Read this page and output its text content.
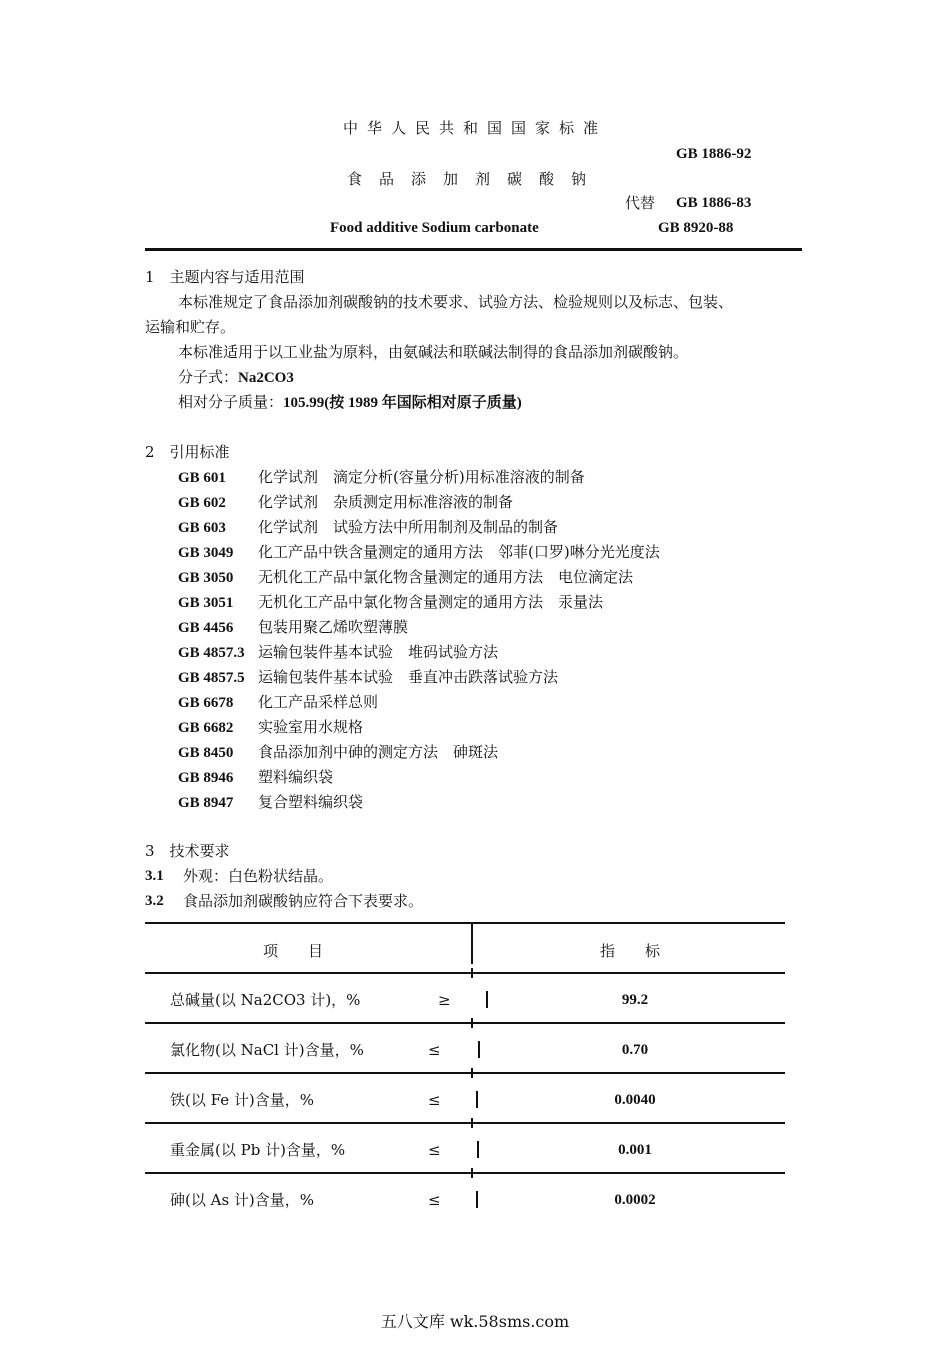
中华人民共和国国家标准
GB 1886-92
食品添加剂碳酸钠
代替 GB 1886-83
Food additive Sodium carbonate	GB 8920-88
1　主题内容与适用范围
本标准规定了食品添加剂碳酸钠的技术要求、试验方法、检验规则以及标志、包装、
运输和贮存。
本标准适用于以工业盐为原料，由氨碱法和联碱法制得的食品添加剂碳酸钠。
分子式：Na2CO3
相对分子质量：105.99(按 1989 年国际相对原子质量)
2　引用标准
GB 601 化学试剂　滴定分析(容量分析)用标准溶液的制备
GB 602 化学试剂　杂质测定用标准溶液的制备
GB 603 化学试剂　试验方法中所用制剂及制品的制备
GB 3049 化工产品中铁含量测定的通用方法　邻菲(口罗)啉分光光度法
GB 3050 无机化工产品中氯化物含量测定的通用方法　电位滴定法
GB 3051 无机化工产品中氯化物含量测定的通用方法　汞量法
GB 4456 包装用聚乙烯吹塑薄膜
GB 4857.3 运输包装件基本试验　堆码试验方法
GB 4857.5 运输包装件基本试验　垂直冲击跌落试验方法
GB 6678 化工产品采样总则
GB 6682 实验室用水规格
GB 8450 食品添加剂中砷的测定方法　砷斑法
GB 8946 塑料编织袋
GB 8947 复合塑料编织袋
3　技术要求
3.1 外观：白色粉状结晶。
3.2 食品添加剂碳酸钠应符合下表要求。
项　　目	指　　标
总碱量(以 Na2CO3 计)，%	≥	99.2
氯化物(以 NaCl 计)含量，%	≤	0.70
铁(以 Fe 计)含量，%	≤	0.0040
重金属(以 Pb 计)含量，%	≤	0.001
砷(以 As 计)含量，%	≤	0.0002
五八文库 wk.58sms.com
